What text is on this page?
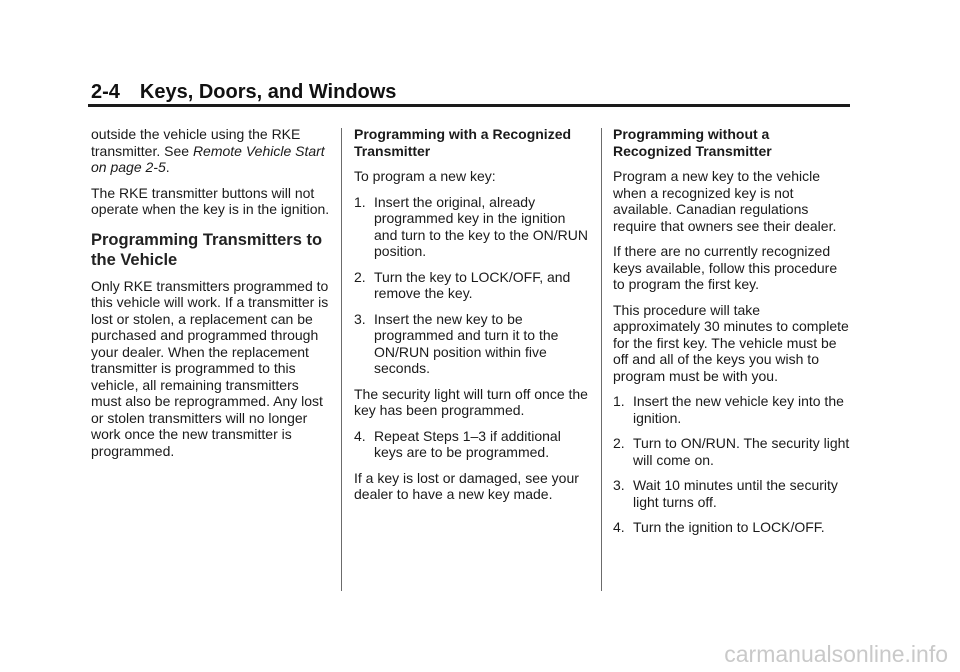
2-4 Keys, Doors, and Windows

outside the vehicle using the RKE transmitter. See Remote Vehicle Start on page 2-5.

The RKE transmitter buttons will not operate when the key is in the ignition.

Programming Transmitters to the Vehicle

Only RKE transmitters programmed to this vehicle will work. If a transmitter is lost or stolen, a replacement can be purchased and programmed through your dealer. When the replacement transmitter is programmed to this vehicle, all remaining transmitters must also be reprogrammed. Any lost or stolen transmitters will no longer work once the new transmitter is programmed.

Programming with a Recognized Transmitter

To program a new key:

1. Insert the original, already programmed key in the ignition and turn to the key to the ON/RUN position.
2. Turn the key to LOCK/OFF, and remove the key.
3. Insert the new key to be programmed and turn it to the ON/RUN position within five seconds.

The security light will turn off once the key has been programmed.

4. Repeat Steps 1–3 if additional keys are to be programmed.

If a key is lost or damaged, see your dealer to have a new key made.

Programming without a Recognized Transmitter

Program a new key to the vehicle when a recognized key is not available. Canadian regulations require that owners see their dealer.

If there are no currently recognized keys available, follow this procedure to program the first key.

This procedure will take approximately 30 minutes to complete for the first key. The vehicle must be off and all of the keys you wish to program must be with you.

1. Insert the new vehicle key into the ignition.
2. Turn to ON/RUN. The security light will come on.
3. Wait 10 minutes until the security light turns off.
4. Turn the ignition to LOCK/OFF.
carmanualsonline.info
